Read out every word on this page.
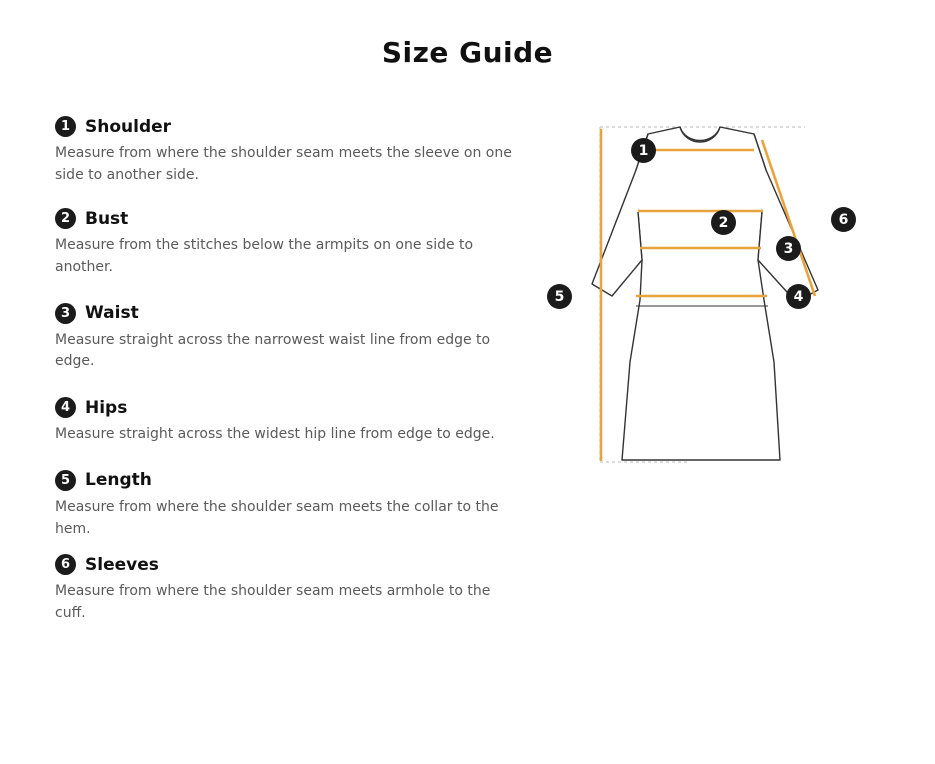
Size Guide
1 Shoulder
Measure from where the shoulder seam meets the sleeve on one side to another side.
2 Bust
Measure from the stitches below the armpits on one side to another.
3 Waist
Measure straight across the narrowest waist line from edge to edge.
4 Hips
Measure straight across the widest hip line from edge to edge.
5 Length
Measure from where the shoulder seam meets the collar to the hem.
6 Sleeves
Measure from where the shoulder seam meets armhole to the cuff.
1
2
3
4
5
6
